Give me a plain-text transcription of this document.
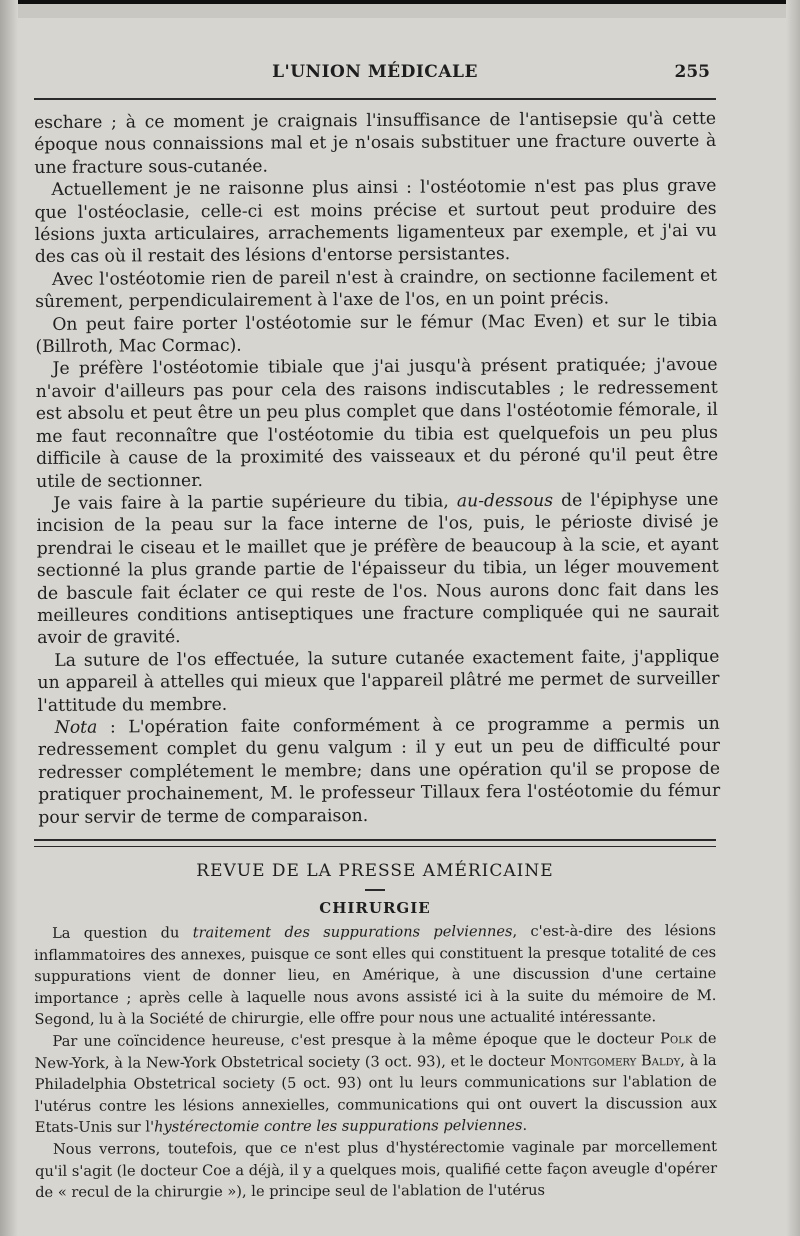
L'UNION MÉDICALE	255

eschare ; à ce moment je craignais l'insuffisance de l'antisepsie qu'à cette époque nous connaissions mal et je n'osais substituer une fracture ouverte à une fracture sous-cutanée.

Actuellement je ne raisonne plus ainsi : l'ostéotomie n'est pas plus grave que l'ostéoclasie, celle-ci est moins précise et surtout peut produire des lésions juxta articulaires, arrachements ligamenteux par exemple, et j'ai vu des cas où il restait des lésions d'entorse persistantes.

Avec l'ostéotomie rien de pareil n'est à craindre, on sectionne facilement et sûrement, perpendiculairement à l'axe de l'os, en un point précis.

On peut faire porter l'ostéotomie sur le fémur (Mac Even) et sur le tibia (Billroth, Mac Cormac).

Je préfère l'ostéotomie tibiale que j'ai jusqu'à présent pratiquée; j'avoue n'avoir d'ailleurs pas pour cela des raisons indiscutables ; le redressement est absolu et peut être un peu plus complet que dans l'ostéotomie fémorale, il me faut reconnaître que l'ostéotomie du tibia est quelquefois un peu plus difficile à cause de la proximité des vaisseaux et du péroné qu'il peut être utile de sectionner.

Je vais faire à la partie supérieure du tibia, au-dessous de l'épiphyse une incision de la peau sur la face interne de l'os, puis, le périoste divisé je prendrai le ciseau et le maillet que je préfère de beaucoup à la scie, et ayant sectionné la plus grande partie de l'épaisseur du tibia, un léger mouvement de bascule fait éclater ce qui reste de l'os. Nous aurons donc fait dans les meilleures conditions antiseptiques une fracture compliquée qui ne saurait avoir de gravité.

La suture de l'os effectuée, la suture cutanée exactement faite, j'applique un appareil à attelles qui mieux que l'appareil plâtré me permet de surveiller l'attitude du membre.

Nota : L'opération faite conformément à ce programme a permis un redressement complet du genu valgum : il y eut un peu de difficulté pour redresser complétement le membre; dans une opération qu'il se propose de pratiquer prochainement, M. le professeur Tillaux fera l'ostéotomie du fémur pour servir de terme de comparaison.

REVUE DE LA PRESSE AMÉRICAINE
CHIRURGIE

La question du traitement des suppurations pelviennes, c'est-à-dire des lésions inflammatoires des annexes, puisque ce sont elles qui constituent la presque totalité de ces suppurations vient de donner lieu, en Amérique, à une discussion d'une certaine importance ; après celle à laquelle nous avons assisté ici à la suite du mémoire de M. Segond, lu à la Société de chirurgie, elle offre pour nous une actualité intéressante.

Par une coïncidence heureuse, c'est presque à la même époque que le docteur Polk de New-York, à la New-York Obstetrical society (3 oct. 93), et le docteur Montgomery Baldy, à la Philadelphia Obstetrical society (5 oct. 93) ont lu leurs communications sur l'ablation de l'utérus contre les lésions annexielles, communications qui ont ouvert la discussion aux Etats-Unis sur l'hystérectomie contre les suppurations pelviennes.

Nous verrons, toutefois, que ce n'est plus d'hystérectomie vaginale par morcellement qu'il s'agit (le docteur Coe a déjà, il y a quelques mois, qualifié cette façon aveugle d'opérer de « recul de la chirurgie »), le principe seul de l'ablation de l'utérus
